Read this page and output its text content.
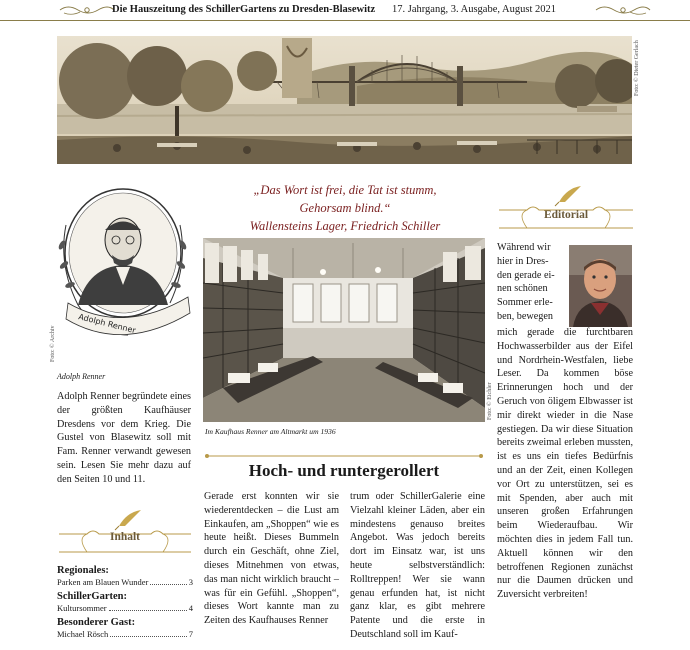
Die Hauszeitung des SchillerGartens zu Dresden-Blasewitz 17. Jahrgang, 3. Ausgabe, August 2021
Foto: © Dieter Gerlach
Adolph Renner
Foto: © Archiv
Adolph Renner
Adolph Renner begründete eines der größten Kaufhäuser Dresdens vor dem Krieg. Die Gustel von Blasewitz soll mit Fam. Renner verwandt gewesen sein. Lesen Sie mehr dazu auf den Seiten 10 und 11.
„Das Wort ist frei, die Tat ist stumm,
Gehorsam blind.“
Wallensteins Lager, Friedrich Schiller
Foto: © Eichler
Im Kaufhaus Renner am Altmarkt um 1936
Hoch- und runtergerollert
Gerade erst konnten wir sie wiederentdecken – die Lust am Einkaufen, am „Shoppen“ wie es heute heißt. Dieses Bummeln durch ein Geschäft, ohne Ziel, dieses Mitnehmen von etwas, das man nicht wirklich braucht – was für ein Gefühl. „Shoppen“, dieses Wort kannte man zu Zeiten des Kaufhauses Renner
trum oder SchillerGalerie eine Vielzahl kleiner Läden, aber ein mindestens genauso breites Angebot. Was jedoch bereits dort im Einsatz war, ist uns heute selbstverständlich: Rolltreppen! Wer sie wann genau erfunden hat, ist nicht ganz klar, es gibt mehrere Patente und die erste in Deutschland soll im Kauf-
Editorial
Während wir
hier in Dres-
den gerade ei-
nen schönen
Sommer erle-
ben, bewegen
mich gerade die furchtbaren Hochwasserbilder aus der Eifel und Nordrhein-Westfalen, liebe Leser. Da kommen böse Erinnerungen hoch und der Geruch von öligem Elbwasser ist mir direkt wieder in die Nase gestiegen. Da wir diese Situation bereits zweimal erleben mussten, ist es uns ein tiefes Bedürfnis und an der Zeit, einen Kollegen vor Ort zu unterstützen, sei es mit Spenden, aber auch mit unseren großen Erfahrungen beim Wiederaufbau. Wir möchten dies in jedem Fall tun. Aktuell können wir den betroffenen Regionen zunächst nur die Daumen drücken und Zuversicht verbreiten!
Inhalt
Regionales:
Parken am Blauen Wunder	3
SchillerGarten:
Kultursommer	4
Besonderer Gast:
Michael Rösch	7
